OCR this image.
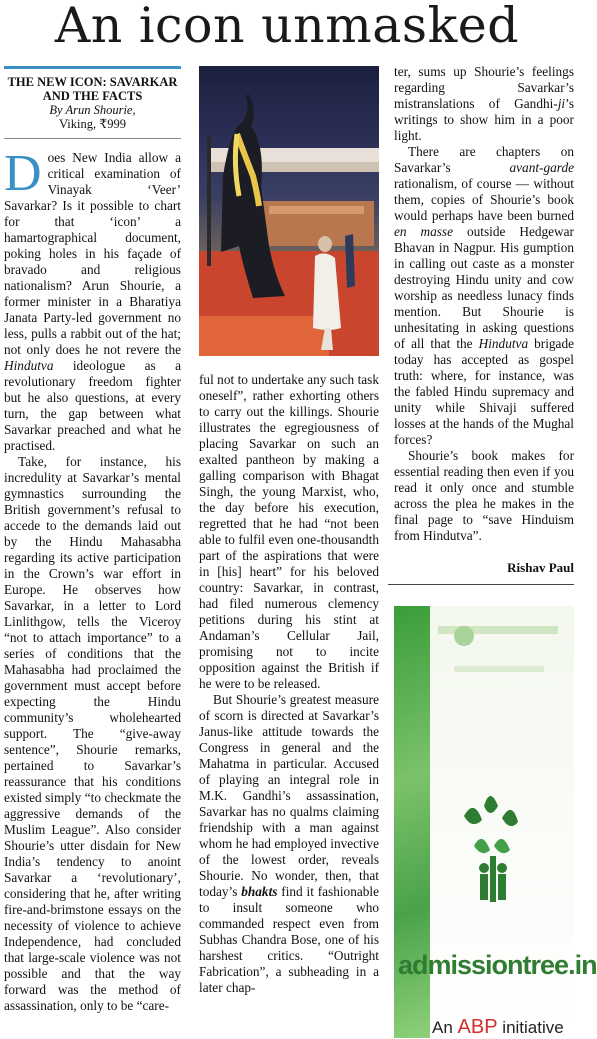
An icon unmasked
THE NEW ICON: SAVARKAR AND THE FACTS
By Arun Shourie,
Viking, ₹999

Does New India allow a critical examination of Vinayak ‘Veer’ Savarkar? Is it possible to chart for that ‘icon’ a hamartographical document, poking holes in his façade of bravado and religious nationalism? Arun Shourie, a former minister in a Bharatiya Janata Party-led government no less, pulls a rabbit out of the hat; not only does he not revere the Hindutva ideologue as a revolutionary freedom fighter but he also questions, at every turn, the gap between what Savarkar preached and what he practised.

Take, for instance, his incredulity at Savarkar’s mental gymnastics surrounding the British government’s refusal to accede to the demands laid out by the Hindu Mahasabha regarding its active participation in the Crown’s war effort in Europe. He observes how Savarkar, in a letter to Lord Linlithgow, tells the Viceroy “not to attach importance” to a series of conditions that the Mahasabha had proclaimed the government must accept before expecting the Hindu community’s wholehearted support. The “give-away sentence”, Shourie remarks, pertained to Savarkar’s reassurance that his conditions existed simply “to checkmate the aggressive demands of the Muslim League”. Also consider Shourie’s utter disdain for New India’s tendency to anoint Savarkar a ‘revolutionary’, considering that he, after writing fire-and-brimstone essays on the necessity of violence to achieve Independence, had concluded that large-scale violence was not possible and that the way forward was the method of assassination, only to be “care-

ful not to undertake any such task oneself”, rather exhorting others to carry out the killings. Shourie illustrates the egregiousness of placing Savarkar on such an exalted pantheon by making a galling comparison with Bhagat Singh, the young Marxist, who, the day before his execution, regretted that he had “not been able to fulfil even one-thousandth part of the aspirations that were in [his] heart” for his beloved country: Savarkar, in contrast, had filed numerous clemency petitions during his stint at Andaman’s Cellular Jail, promising not to incite opposition against the British if he were to be released.

But Shourie’s greatest measure of scorn is directed at Savarkar’s Janus-like attitude towards the Congress in general and the Mahatma in particular. Accused of playing an integral role in M.K. Gandhi’s assassination, Savarkar has no qualms claiming friendship with a man against whom he had employed invective of the lowest order, reveals Shourie. No wonder, then, that today’s bhakts find it fashionable to insult someone who commanded respect even from Subhas Chandra Bose, one of his harshest critics. “Outright Fabrication”, a subheading in a later chap-

ter, sums up Shourie’s feelings regarding Savarkar’s mistranslations of Gandhi-ji’s writings to show him in a poor light.

There are chapters on Savarkar’s avant-garde rationalism, of course — without them, copies of Shourie’s book would perhaps have been burned en masse outside Hedgewar Bhavan in Nagpur. His gumption in calling out caste as a monster destroying Hindu unity and cow worship as needless lunacy finds mention. But Shourie is unhesitating in asking questions of all that the Hindutva brigade today has accepted as gospel truth: where, for instance, was the fabled Hindu supremacy and unity while Shivaji suffered losses at the hands of the Mughal forces?

Shourie’s book makes for essential reading then even if you read it only once and stumble across the plea he makes in the final page to “save Hinduism from Hindutva”.

Rishav Paul
admissiontree.in
An ABP initiative
